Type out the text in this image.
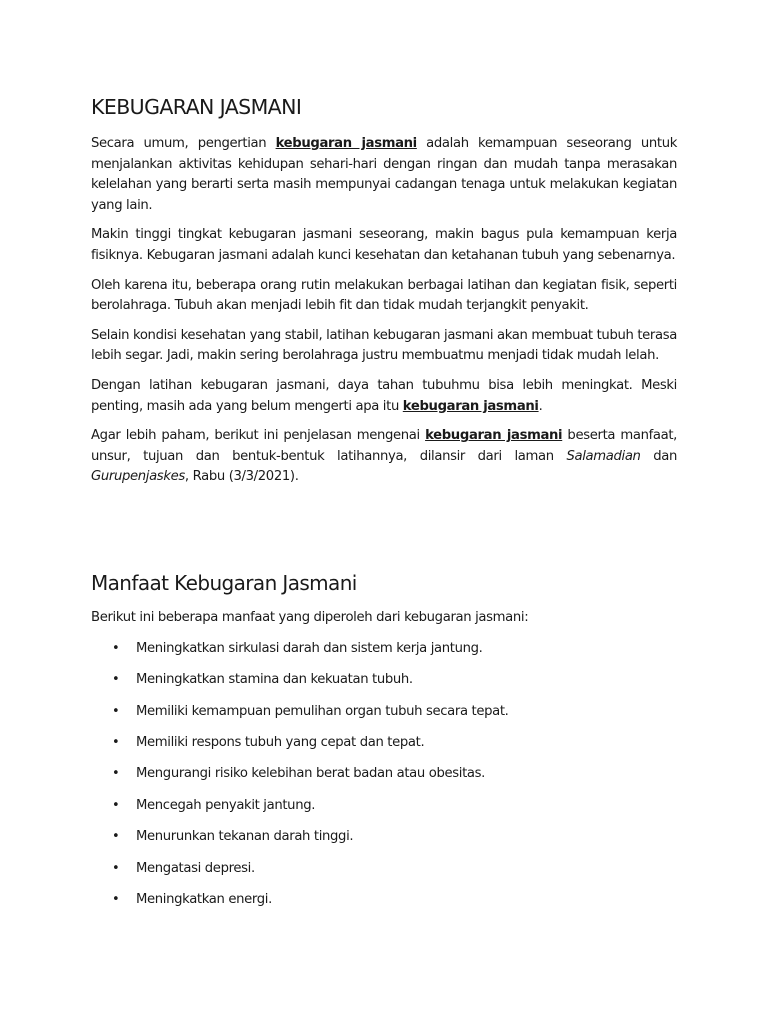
KEBUGARAN JASMANI

Secara umum, pengertian kebugaran jasmani adalah kemampuan seseorang untuk menjalankan aktivitas kehidupan sehari-hari dengan ringan dan mudah tanpa merasakan kelelahan yang berarti serta masih mempunyai cadangan tenaga untuk melakukan kegiatan yang lain.

Makin tinggi tingkat kebugaran jasmani seseorang, makin bagus pula kemampuan kerja fisiknya. Kebugaran jasmani adalah kunci kesehatan dan ketahanan tubuh yang sebenarnya.

Oleh karena itu, beberapa orang rutin melakukan berbagai latihan dan kegiatan fisik, seperti berolahraga. Tubuh akan menjadi lebih fit dan tidak mudah terjangkit penyakit.

Selain kondisi kesehatan yang stabil, latihan kebugaran jasmani akan membuat tubuh terasa lebih segar. Jadi, makin sering berolahraga justru membuatmu menjadi tidak mudah lelah.

Dengan latihan kebugaran jasmani, daya tahan tubuhmu bisa lebih meningkat. Meski penting, masih ada yang belum mengerti apa itu kebugaran jasmani.

Agar lebih paham, berikut ini penjelasan mengenai kebugaran jasmani beserta manfaat, unsur, tujuan dan bentuk-bentuk latihannya, dilansir dari laman Salamadian dan Gurupenjaskes, Rabu (3/3/2021).

Manfaat Kebugaran Jasmani

Berikut ini beberapa manfaat yang diperoleh dari kebugaran jasmani:

• Meningkatkan sirkulasi darah dan sistem kerja jantung.
• Meningkatkan stamina dan kekuatan tubuh.
• Memiliki kemampuan pemulihan organ tubuh secara tepat.
• Memiliki respons tubuh yang cepat dan tepat.
• Mengurangi risiko kelebihan berat badan atau obesitas.
• Mencegah penyakit jantung.
• Menurunkan tekanan darah tinggi.
• Mengatasi depresi.
• Meningkatkan energi.
